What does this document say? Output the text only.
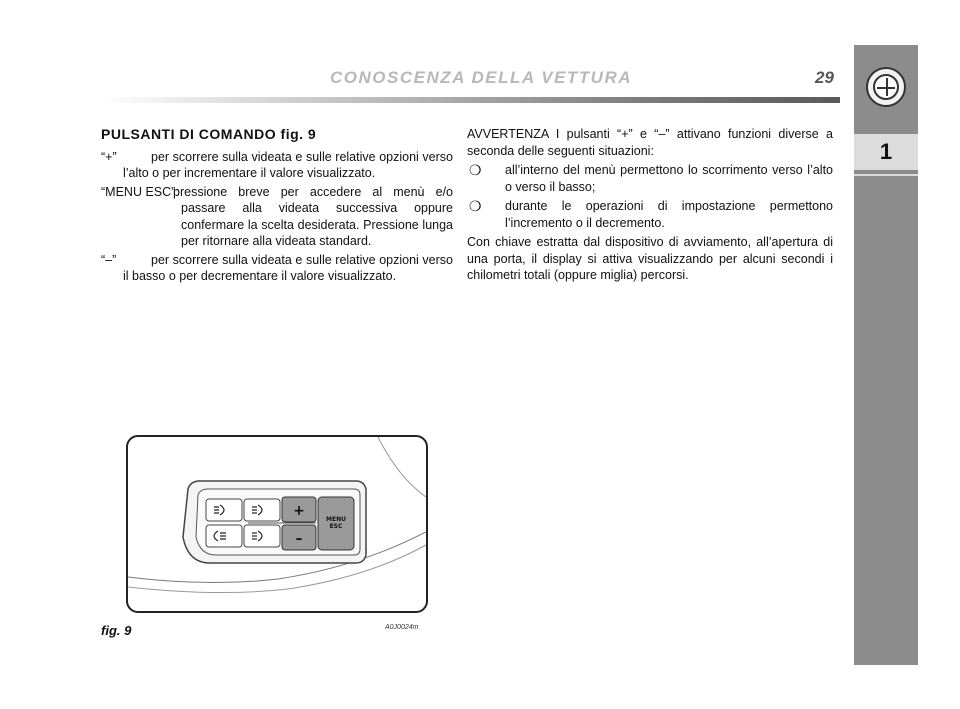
CONOSCENZA DELLA VETTURA	29
1
PULSANTI DI COMANDO fig. 9
“+”	per scorrere sulla videata e sulle relative opzioni verso l’alto o per incrementare il valore visualizzato.
“MENU ESC”:
pressione breve per accedere al menù e/o passare alla videata successiva oppure confermare la scelta desiderata. Pressione lunga per ritornare alla videata standard.
“–”	per scorrere sulla videata e sulle relative opzioni verso il basso o per decrementare il valore visualizzato.

AVVERTENZA I pulsanti “+” e “–” attivano funzioni diverse a seconda delle seguenti situazioni:

❍ all’interno del menù permettono lo scorrimento verso l’alto o verso il basso;
❍ durante le operazioni di impostazione permettono l’incremento o il decremento.

Con chiave estratta dal dispositivo di avviamento, all’apertura di una porta, il display si attiva visualizzando per alcuni secondi i chilometri totali (oppure miglia) percorsi.

+
–
MENU
ESC
fig. 9	A0J0024m
